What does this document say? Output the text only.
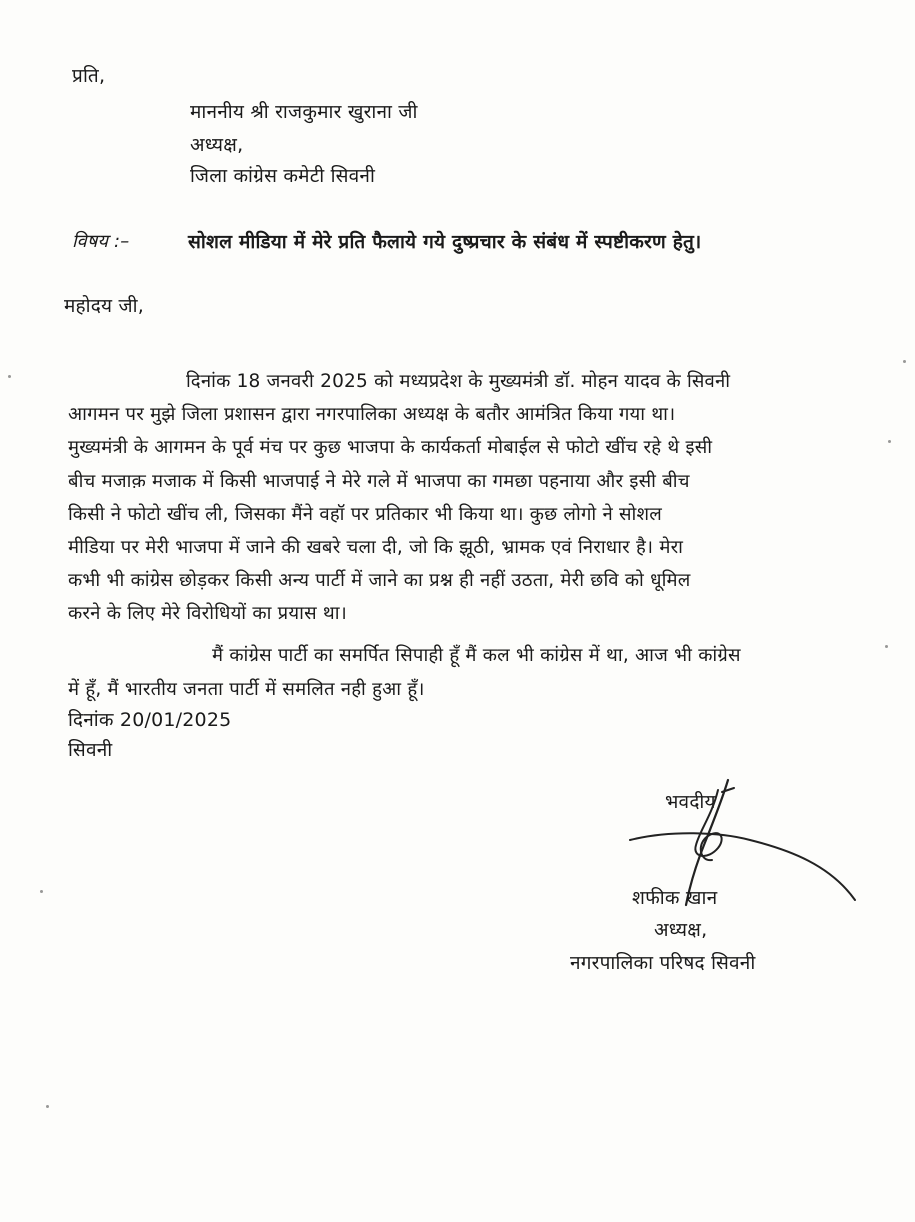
प्रति,
माननीय श्री राजकुमार खुराना जी
अध्यक्ष,
जिला कांग्रेस कमेटी सिवनी
विषय :–	सोशल मीडिया में मेरे प्रति फैलाये गये दुष्प्रचार के संबंध में स्पष्टीकरण हेतु।
महोदय जी,
दिनांक 18 जनवरी 2025 को मध्यप्रदेश के मुख्यमंत्री डॉ. मोहन यादव के सिवनी
आगमन पर मुझे जिला प्रशासन द्वारा नगरपालिका अध्यक्ष के बतौर आमंत्रित किया गया था।
मुख्यमंत्री के आगमन के पूर्व मंच पर कुछ भाजपा के कार्यकर्ता मोबाईल से फोटो खींच रहे थे इसी
बीच मजाक़ मजाक में किसी भाजपाई ने मेरे गले में भाजपा का गमछा पहनाया और इसी बीच
किसी ने फोटो खींच ली, जिसका मैंने वहॉ पर प्रतिकार भी किया था। कुछ लोगो ने सोशल
मीडिया पर मेरी भाजपा में जाने की खबरे चला दी, जो कि झूठी, भ्रामक एवं निराधार है। मेरा
कभी भी कांग्रेस छोड़कर किसी अन्य पार्टी में जाने का प्रश्न ही नहीं उठता, मेरी छवि को धूमिल
करने के लिए मेरे विरोधियों का प्रयास था।
मैं कांग्रेस पार्टी का समर्पित सिपाही हूँ मैं कल भी कांग्रेस में था, आज भी कांग्रेस
में हूँ, मैं भारतीय जनता पार्टी में समलित नही हुआ हूँ।
दिनांक 20/01/2025
सिवनी
भवदीय
शफीक खान
अध्यक्ष,
नगरपालिका परिषद सिवनी
